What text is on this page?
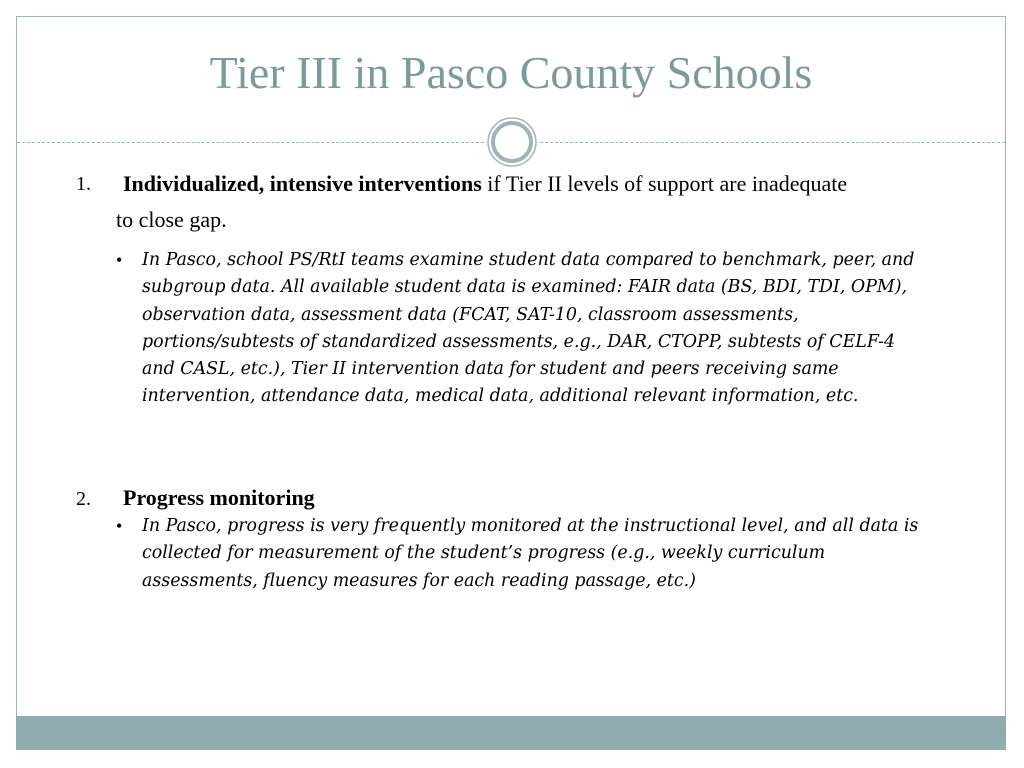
Tier III in Pasco County Schools
1.	Individualized, intensive interventions if Tier II levels of support are inadequate to close gap.
• In Pasco, school PS/RtI teams examine student data compared to benchmark, peer, and subgroup data. All available student data is examined: FAIR data (BS, BDI, TDI, OPM), observation data, assessment data (FCAT, SAT-10, classroom assessments, portions/subtests of standardized assessments, e.g., DAR, CTOPP, subtests of CELF-4 and CASL, etc.), Tier II intervention data for student and peers receiving same intervention, attendance data, medical data, additional relevant information, etc.
2. Progress monitoring
• In Pasco, progress is very frequently monitored at the instructional level, and all data is collected for measurement of the student’s progress (e.g., weekly curriculum assessments, fluency measures for each reading passage, etc.)
